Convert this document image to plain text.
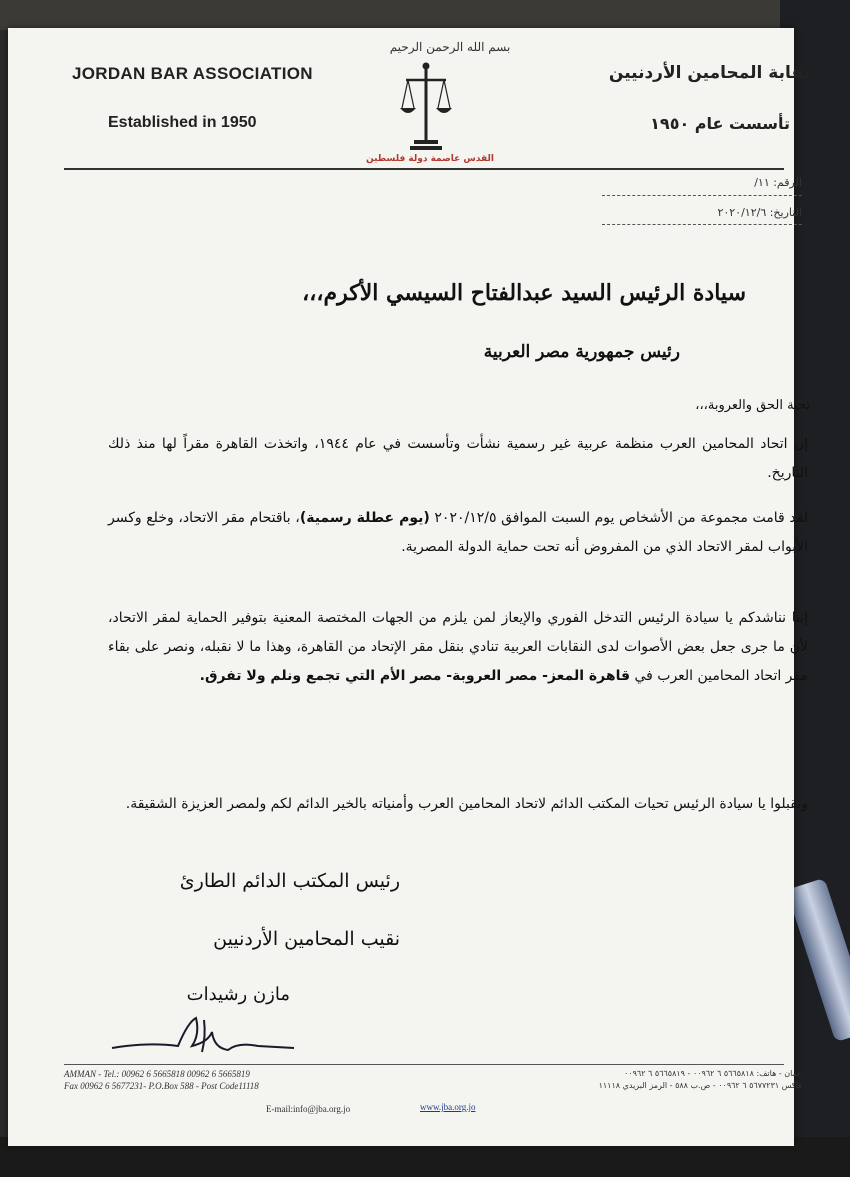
بسم الله الرحمن الرحيم
JORDAN BAR ASSOCIATION
Established in 1950
نقابة المحامين الأردنيين
تأسست عام ١٩٥٠
القدس عاصمة دولة فلسطين
الرقم: ١١/
التاريخ: ٢٠٢٠/١٢/٦
سيادة الرئيس السيد عبدالفتاح السيسي الأكرم،،،
رئيس جمهورية مصر العربية
تحية الحق والعروبة،،،
إن اتحاد المحامين العرب منظمة عربية غير رسمية نشأت وتأسست في عام ١٩٤٤، واتخذت القاهرة مقراً لها منذ ذلك التاريخ.
لقد قامت مجموعة من الأشخاص يوم السبت الموافق ٢٠٢٠/١٢/٥ (يوم عطلة رسمية)، باقتحام مقر الاتحاد، وخلع وكسر الأبواب لمقر الاتحاد الذي من المفروض أنه تحت حماية الدولة المصرية.
إننا نناشدكم يا سيادة الرئيس التدخل الفوري والإيعاز لمن يلزم من الجهات المختصة المعنية بتوفير الحماية لمقر الاتحاد، لأن ما جرى جعل بعض الأصوات لدى النقابات العربية تنادي بنقل مقر الإتحاد من القاهرة، وهذا ما لا نقبله، ونصر على بقاء مقر اتحاد المحامين العرب في قاهرة المعز- مصر العروبة- مصر الأم التي تجمع ونلم ولا تفرق.
وتقبلوا يا سيادة الرئيس تحيات المكتب الدائم لاتحاد المحامين العرب وأمنياته بالخير الدائم لكم ولمصر العزيزة الشقيقة.
رئيس المكتب الدائم الطارئ
نقيب المحامين الأردنيين
مازن رشيدات
AMMAN - Tel.: 00962 6 5665818 00962 6 5665819
Fax 00962 6 5677231- P.O.Box 588 - Post Code11118
عمان - هاتف: ٥٦٦٥٨١٨ ٦ ٠٠٩٦٢ - ٥٦٦٥٨١٩ ٦ ٠٠٩٦٢
فاكس ٥٦٧٧٢٣١ ٦ ٠٠٩٦٢ - ص.ب ٥٨٨ - الرمز البريدي ١١١١٨
E-mail:info@jba.org.jo	www.jba.org.jo
